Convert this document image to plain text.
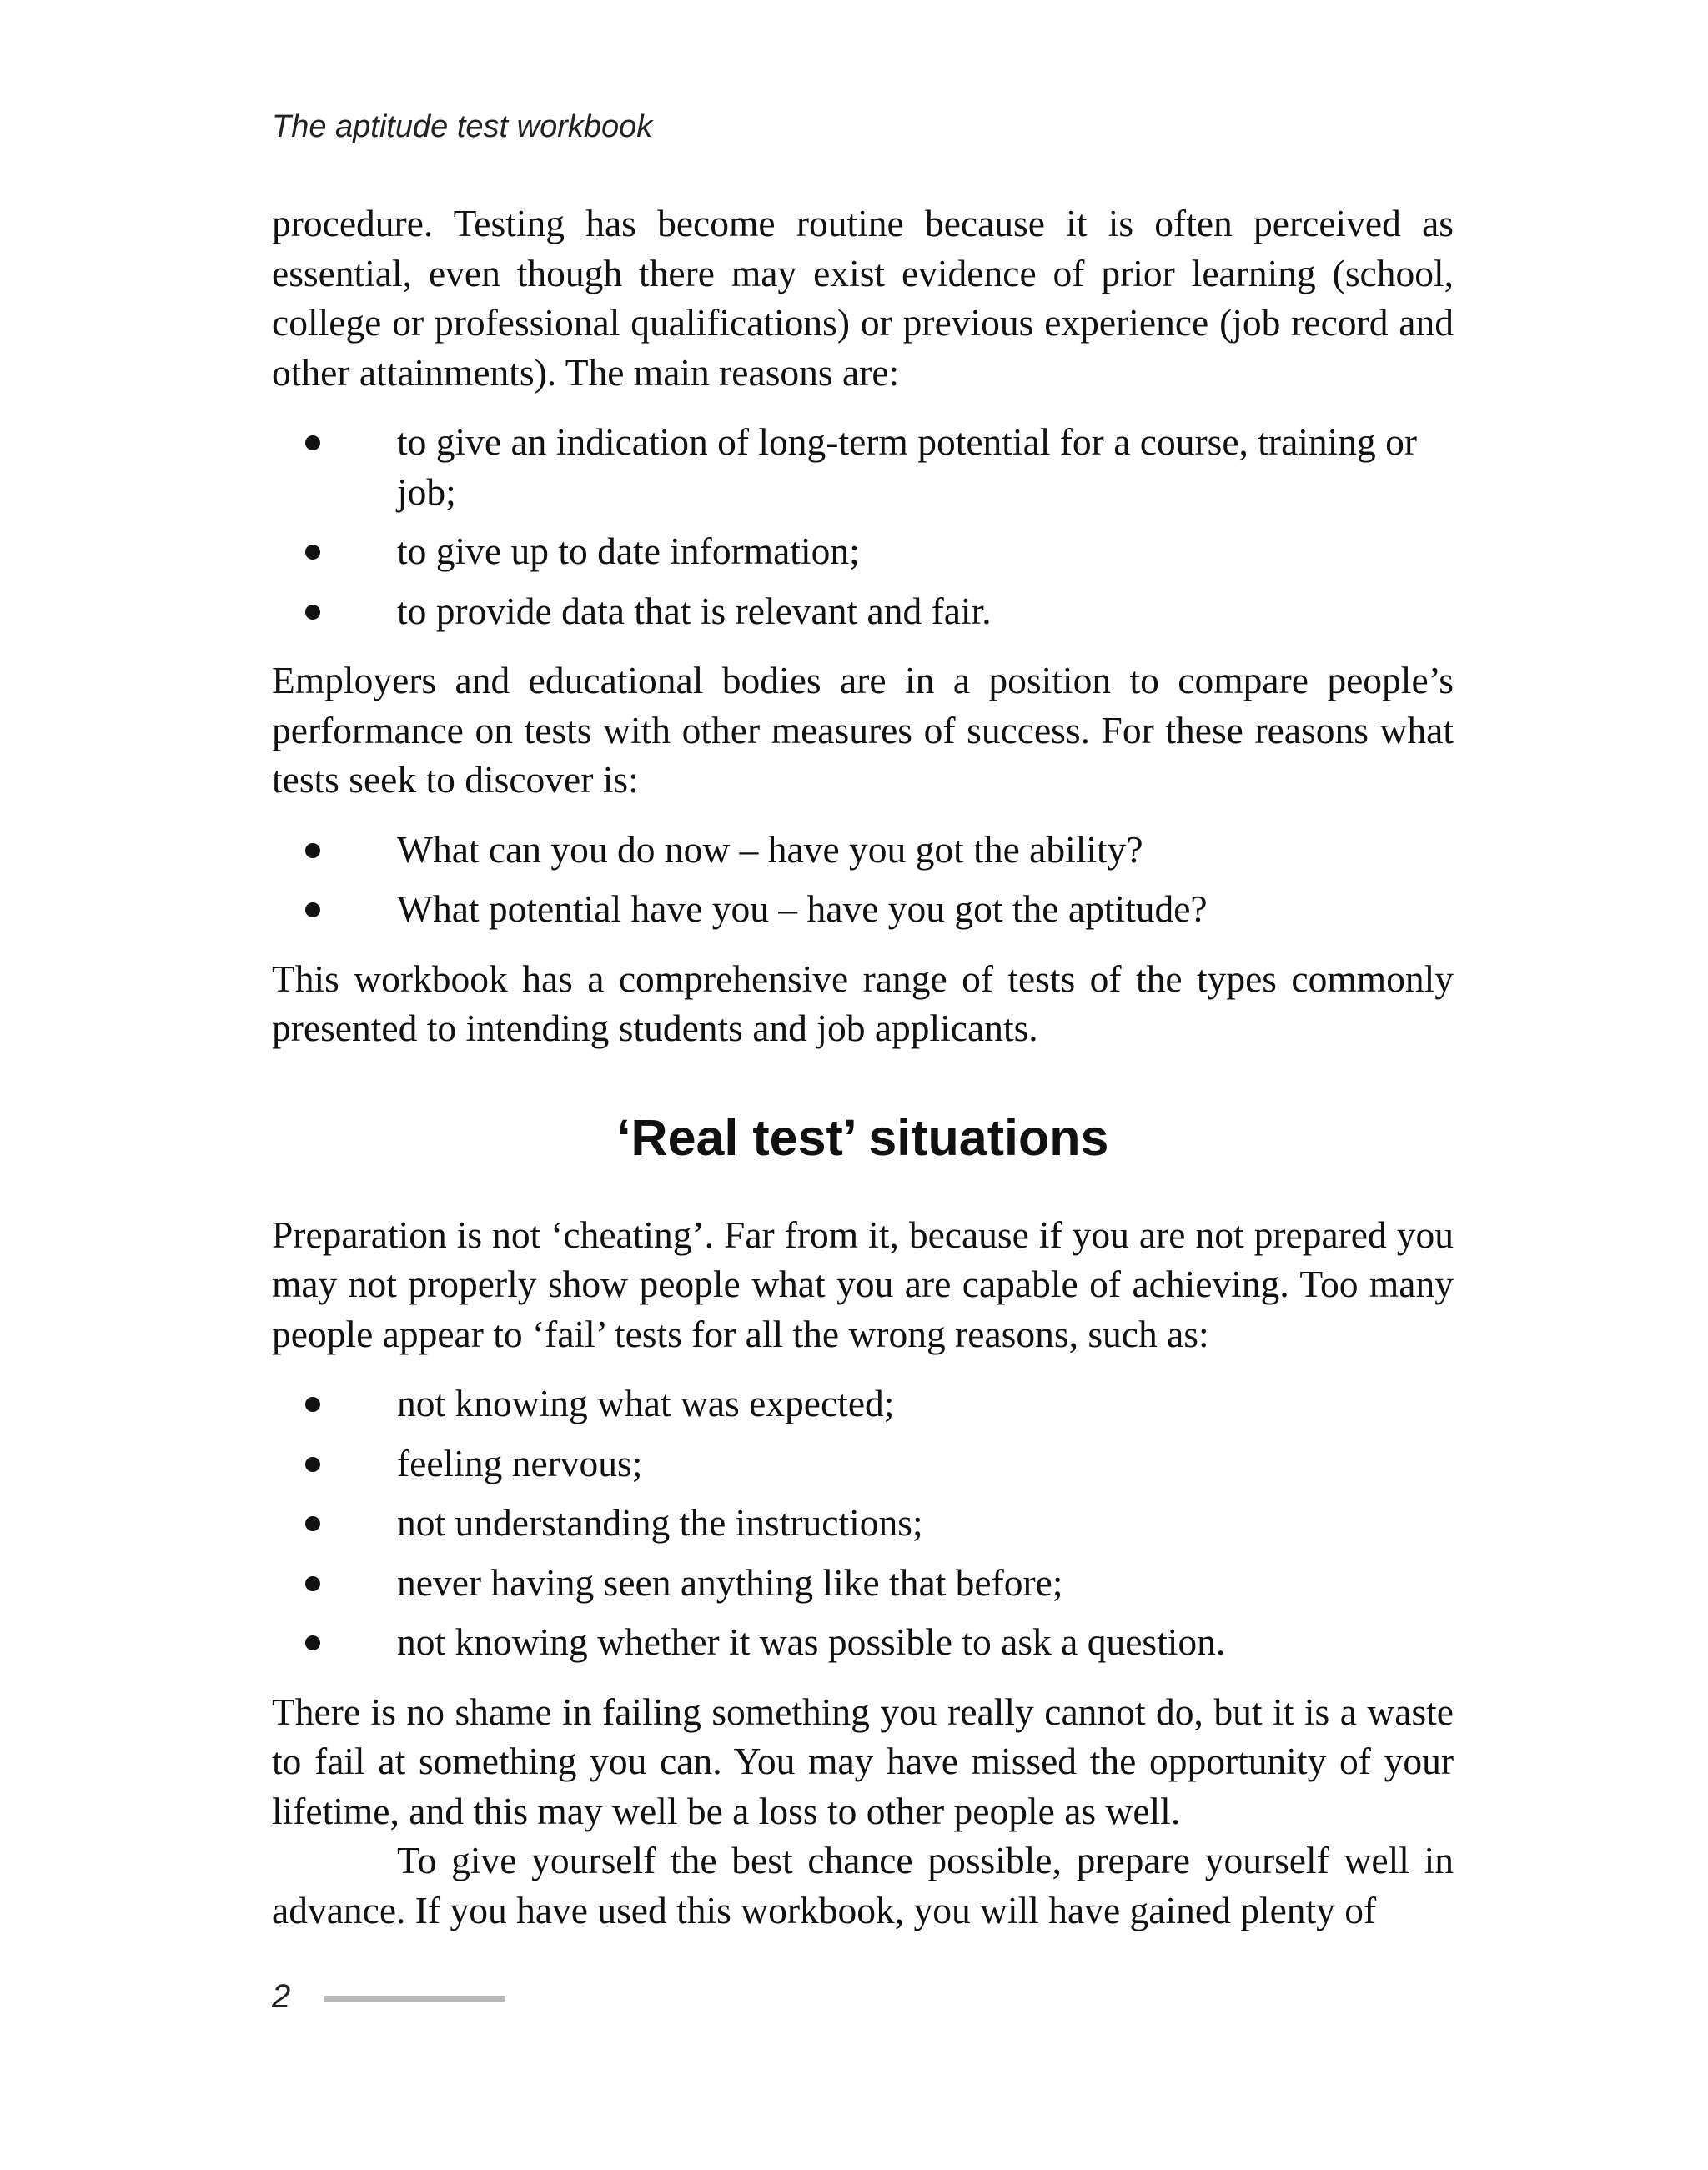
The aptitude test workbook

procedure. Testing has become routine because it is often perceived as essential, even though there may exist evidence of prior learning (school, college or professional qualifications) or previous experience (job record and other attainments). The main reasons are:

to give an indication of long-term potential for a course, training or job;
to give up to date information;
to provide data that is relevant and fair.

Employers and educational bodies are in a position to compare people’s performance on tests with other measures of success. For these reasons what tests seek to discover is:

What can you do now – have you got the ability?
What potential have you – have you got the aptitude?

This workbook has a comprehensive range of tests of the types commonly presented to intending students and job applicants.

‘Real test’ situations

Preparation is not ‘cheating’. Far from it, because if you are not prepared you may not properly show people what you are capable of achieving. Too many people appear to ‘fail’ tests for all the wrong reasons, such as:

not knowing what was expected;
feeling nervous;
not understanding the instructions;
never having seen anything like that before;
not knowing whether it was possible to ask a question.

There is no shame in failing something you really cannot do, but it is a waste to fail at something you can. You may have missed the opportunity of your lifetime, and this may well be a loss to other people as well.

To give yourself the best chance possible, prepare yourself well in advance. If you have used this workbook, you will have gained plenty of

2
